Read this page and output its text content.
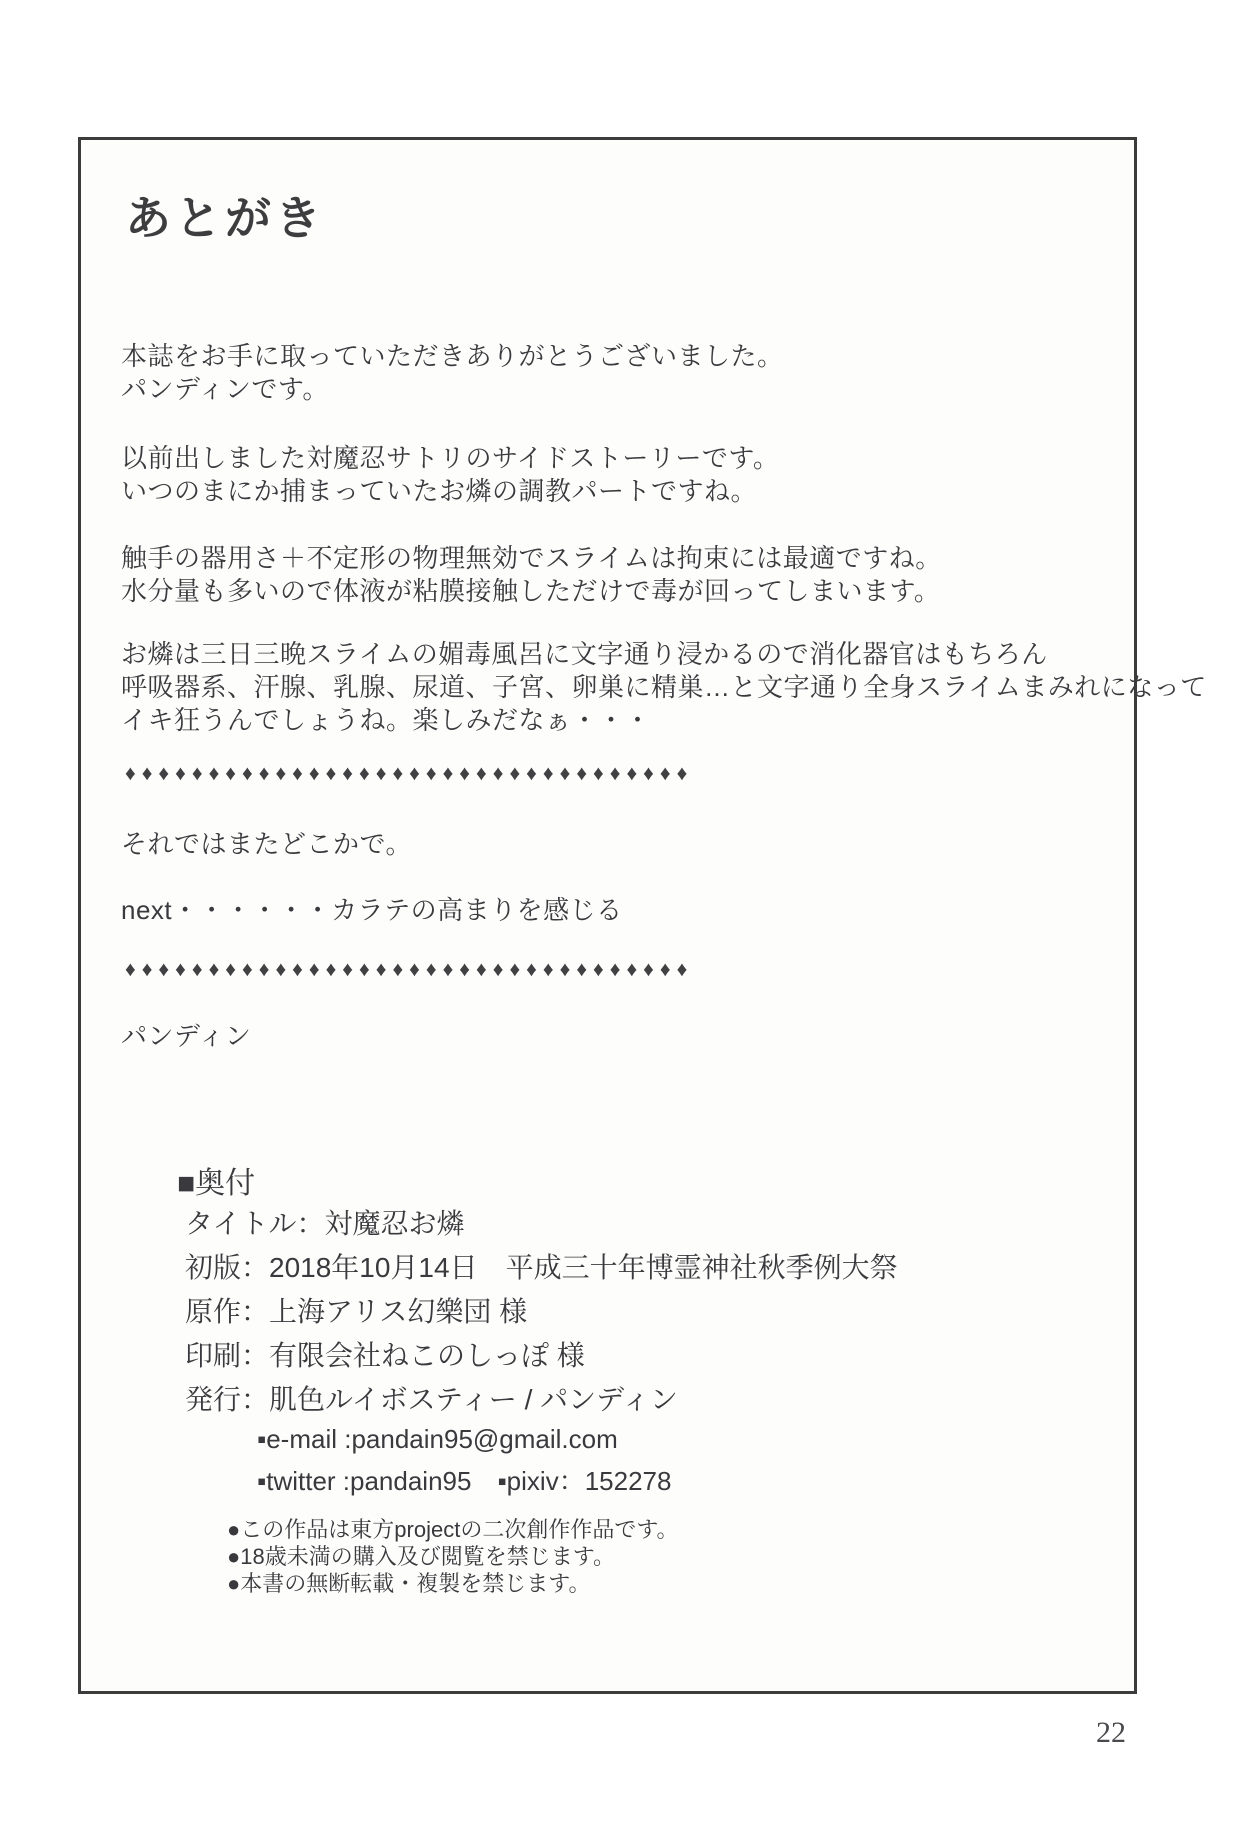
あとがき
本誌をお手に取っていただきありがとうございました。
パンディンです。
以前出しました対魔忍サトリのサイドストーリーです。
いつのまにか捕まっていたお燐の調教パートですね。
触手の器用さ＋不定形の物理無効でスライムは拘束には最適ですね。
水分量も多いので体液が粘膜接触しただけで毒が回ってしまいます。
お燐は三日三晩スライムの媚毒風呂に文字通り浸かるので消化器官はもちろん
呼吸器系、汗腺、乳腺、尿道、子宮、卵巣に精巣…と文字通り全身スライムまみれになって
イキ狂うんでしょうね。楽しみだなぁ・・・
♦♦♦♦♦♦♦♦♦♦♦♦♦♦♦♦♦♦♦♦♦♦♦♦♦♦♦♦♦♦♦♦♦♦
それではまたどこかで。
next・・・・・・カラテの高まりを感じる
♦♦♦♦♦♦♦♦♦♦♦♦♦♦♦♦♦♦♦♦♦♦♦♦♦♦♦♦♦♦♦♦♦♦
パンディン
■奥付
タイトル：対魔忍お燐
初版：2018年10月14日　平成三十年博霊神社秋季例大祭
原作：上海アリス幻樂団 様
印刷：有限会社ねこのしっぽ 様
発行：肌色ルイボスティー / パンディン
▪e-mail :pandain95@gmail.com
▪twitter :pandain95　▪pixiv：152278
●この作品は東方projectの二次創作作品です。
●18歳未満の購入及び閲覧を禁じます。
●本書の無断転載・複製を禁じます。
22
